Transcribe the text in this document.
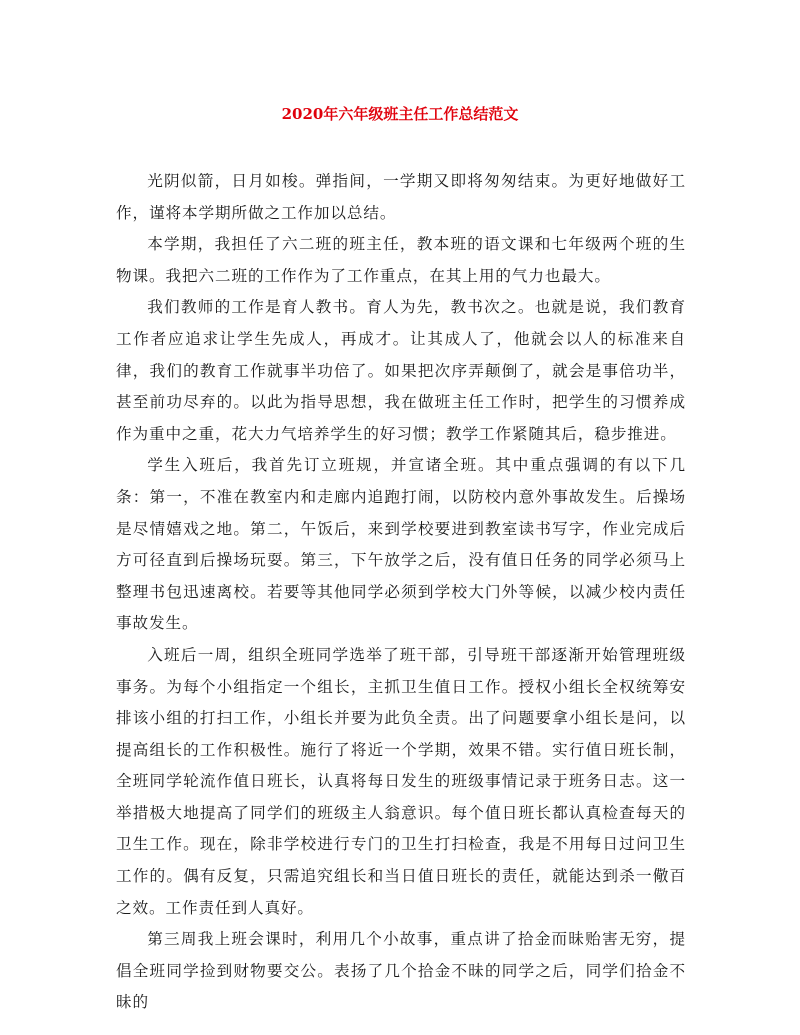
2020年六年级班主任工作总结范文

光阴似箭，日月如梭。弹指间，一学期又即将匆匆结束。为更好地做好工作，谨将本学期所做之工作加以总结。

本学期，我担任了六二班的班主任，教本班的语文课和七年级两个班的生物课。我把六二班的工作作为了工作重点，在其上用的气力也最大。

我们教师的工作是育人教书。育人为先，教书次之。也就是说，我们教育工作者应追求让学生先成人，再成才。让其成人了，他就会以人的标准来自律，我们的教育工作就事半功倍了。如果把次序弄颠倒了，就会是事倍功半，甚至前功尽弃的。以此为指导思想，我在做班主任工作时，把学生的习惯养成作为重中之重，花大力气培养学生的好习惯；教学工作紧随其后，稳步推进。

学生入班后，我首先订立班规，并宣诸全班。其中重点强调的有以下几条：第一，不准在教室内和走廊内追跑打闹，以防校内意外事故发生。后操场是尽情嬉戏之地。第二，午饭后，来到学校要进到教室读书写字，作业完成后方可径直到后操场玩耍。第三，下午放学之后，没有值日任务的同学必须马上整理书包迅速离校。若要等其他同学必须到学校大门外等候，以减少校内责任事故发生。

入班后一周，组织全班同学选举了班干部，引导班干部逐渐开始管理班级事务。为每个小组指定一个组长，主抓卫生值日工作。授权小组长全权统筹安排该小组的打扫工作，小组长并要为此负全责。出了问题要拿小组长是问，以提高组长的工作积极性。施行了将近一个学期，效果不错。实行值日班长制，全班同学轮流作值日班长，认真将每日发生的班级事情记录于班务日志。这一举措极大地提高了同学们的班级主人翁意识。每个值日班长都认真检查每天的卫生工作。现在，除非学校进行专门的卫生打扫检查，我是不用每日过问卫生工作的。偶有反复，只需追究组长和当日值日班长的责任，就能达到杀一儆百之效。工作责任到人真好。

第三周我上班会课时，利用几个小故事，重点讲了拾金而昧贻害无穷，提倡全班同学捡到财物要交公。表扬了几个拾金不昧的同学之后，同学们拾金不昧的
